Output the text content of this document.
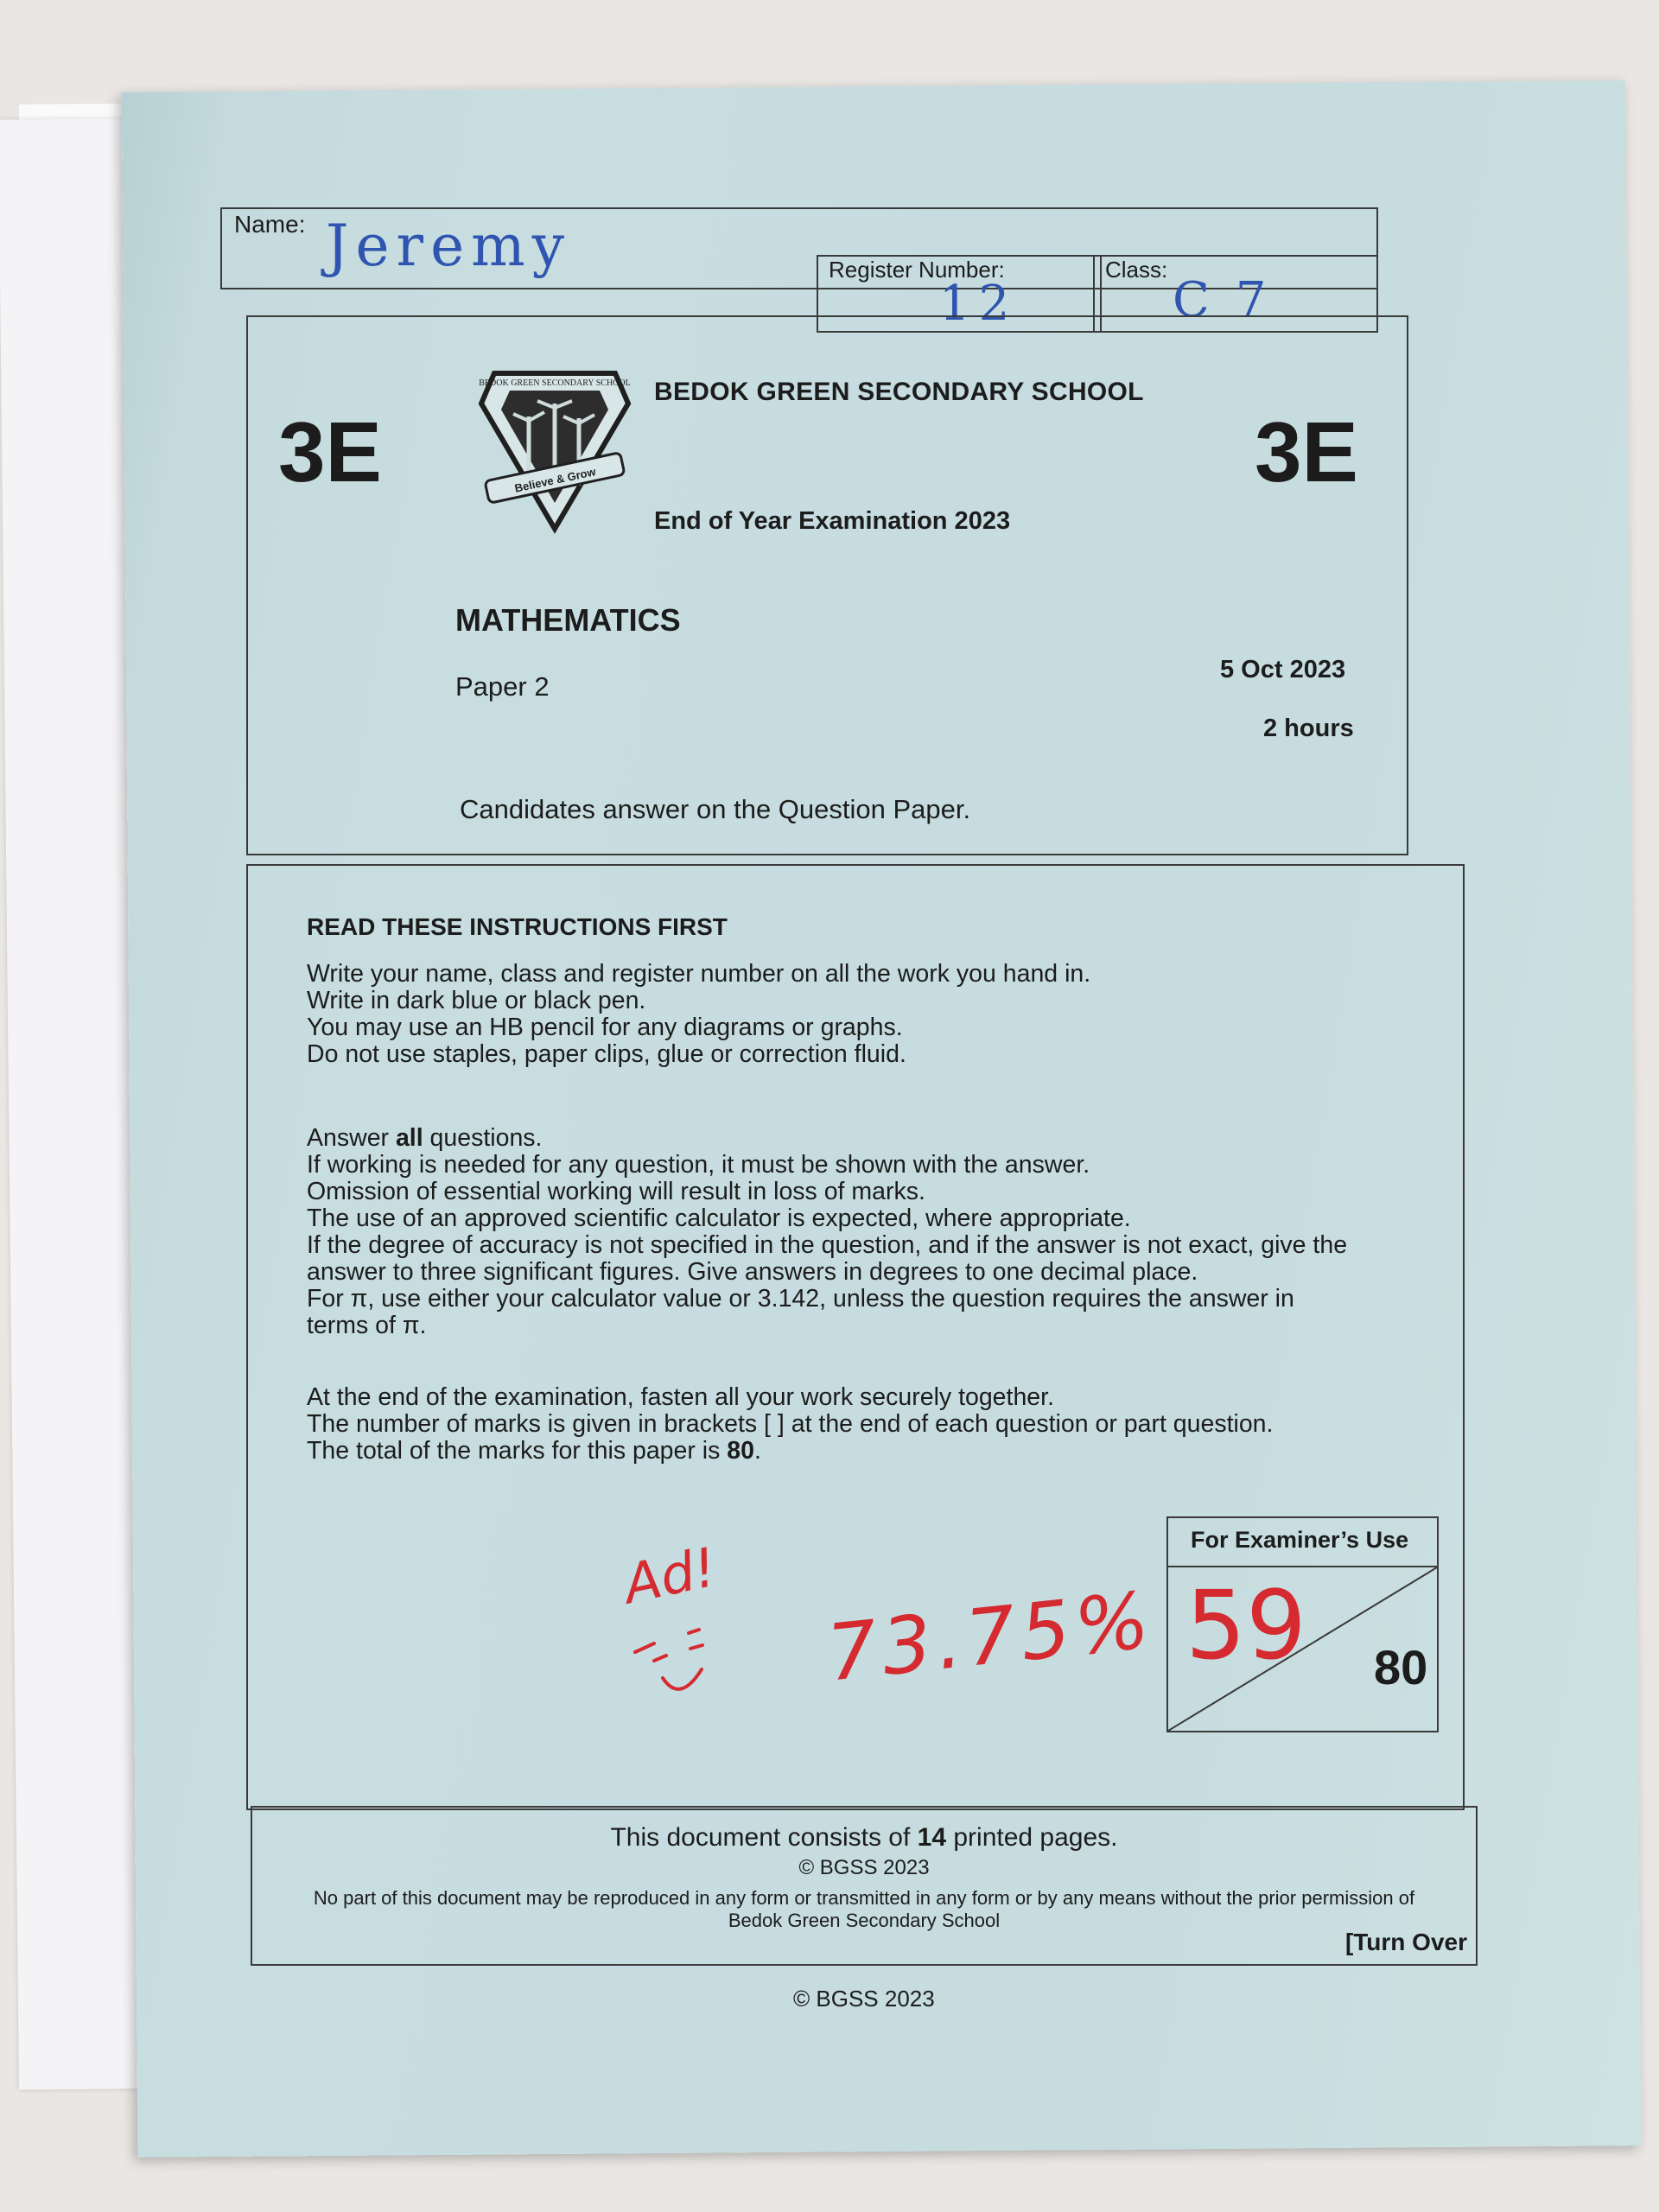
Name: Jeremy	Register Number:
12
Class:
C7
3E	3E
Believe & Grow
BEDOK GREEN SECONDARY SCHOOL BEDOK GREEN SECONDARY SCHOOL
End of Year Examination 2023
MATHEMATICS
Paper 2
5 Oct 2023
2 hours
Candidates answer on the Question Paper.
READ THESE INSTRUCTIONS FIRST
Write your name, class and register number on all the work you hand in.
Write in dark blue or black pen.
You may use an HB pencil for any diagrams or graphs.
Do not use staples, paper clips, glue or correction fluid.
Answer all questions.
If working is needed for any question, it must be shown with the answer.
Omission of essential working will result in loss of marks.
The use of an approved scientific calculator is expected, where appropriate.
If the degree of accuracy is not specified in the question, and if the answer is not exact, give the
answer to three significant figures. Give answers in degrees to one decimal place.
For π, use either your calculator value or 3.142, unless the question requires the answer in
terms of π.
At the end of the examination, fasten all your work securely together.
The number of marks is given in brackets [ ] at the end of each question or part question.
The total of the marks for this paper is 80.
Ad! 73.75%
For Examiner’s Use
59 80
This document consists of 14 printed pages.
© BGSS 2023
No part of this document may be reproduced in any form or transmitted in any form or by any means without the prior permission of
Bedok Green Secondary School
[Turn Over
© BGSS 2023
